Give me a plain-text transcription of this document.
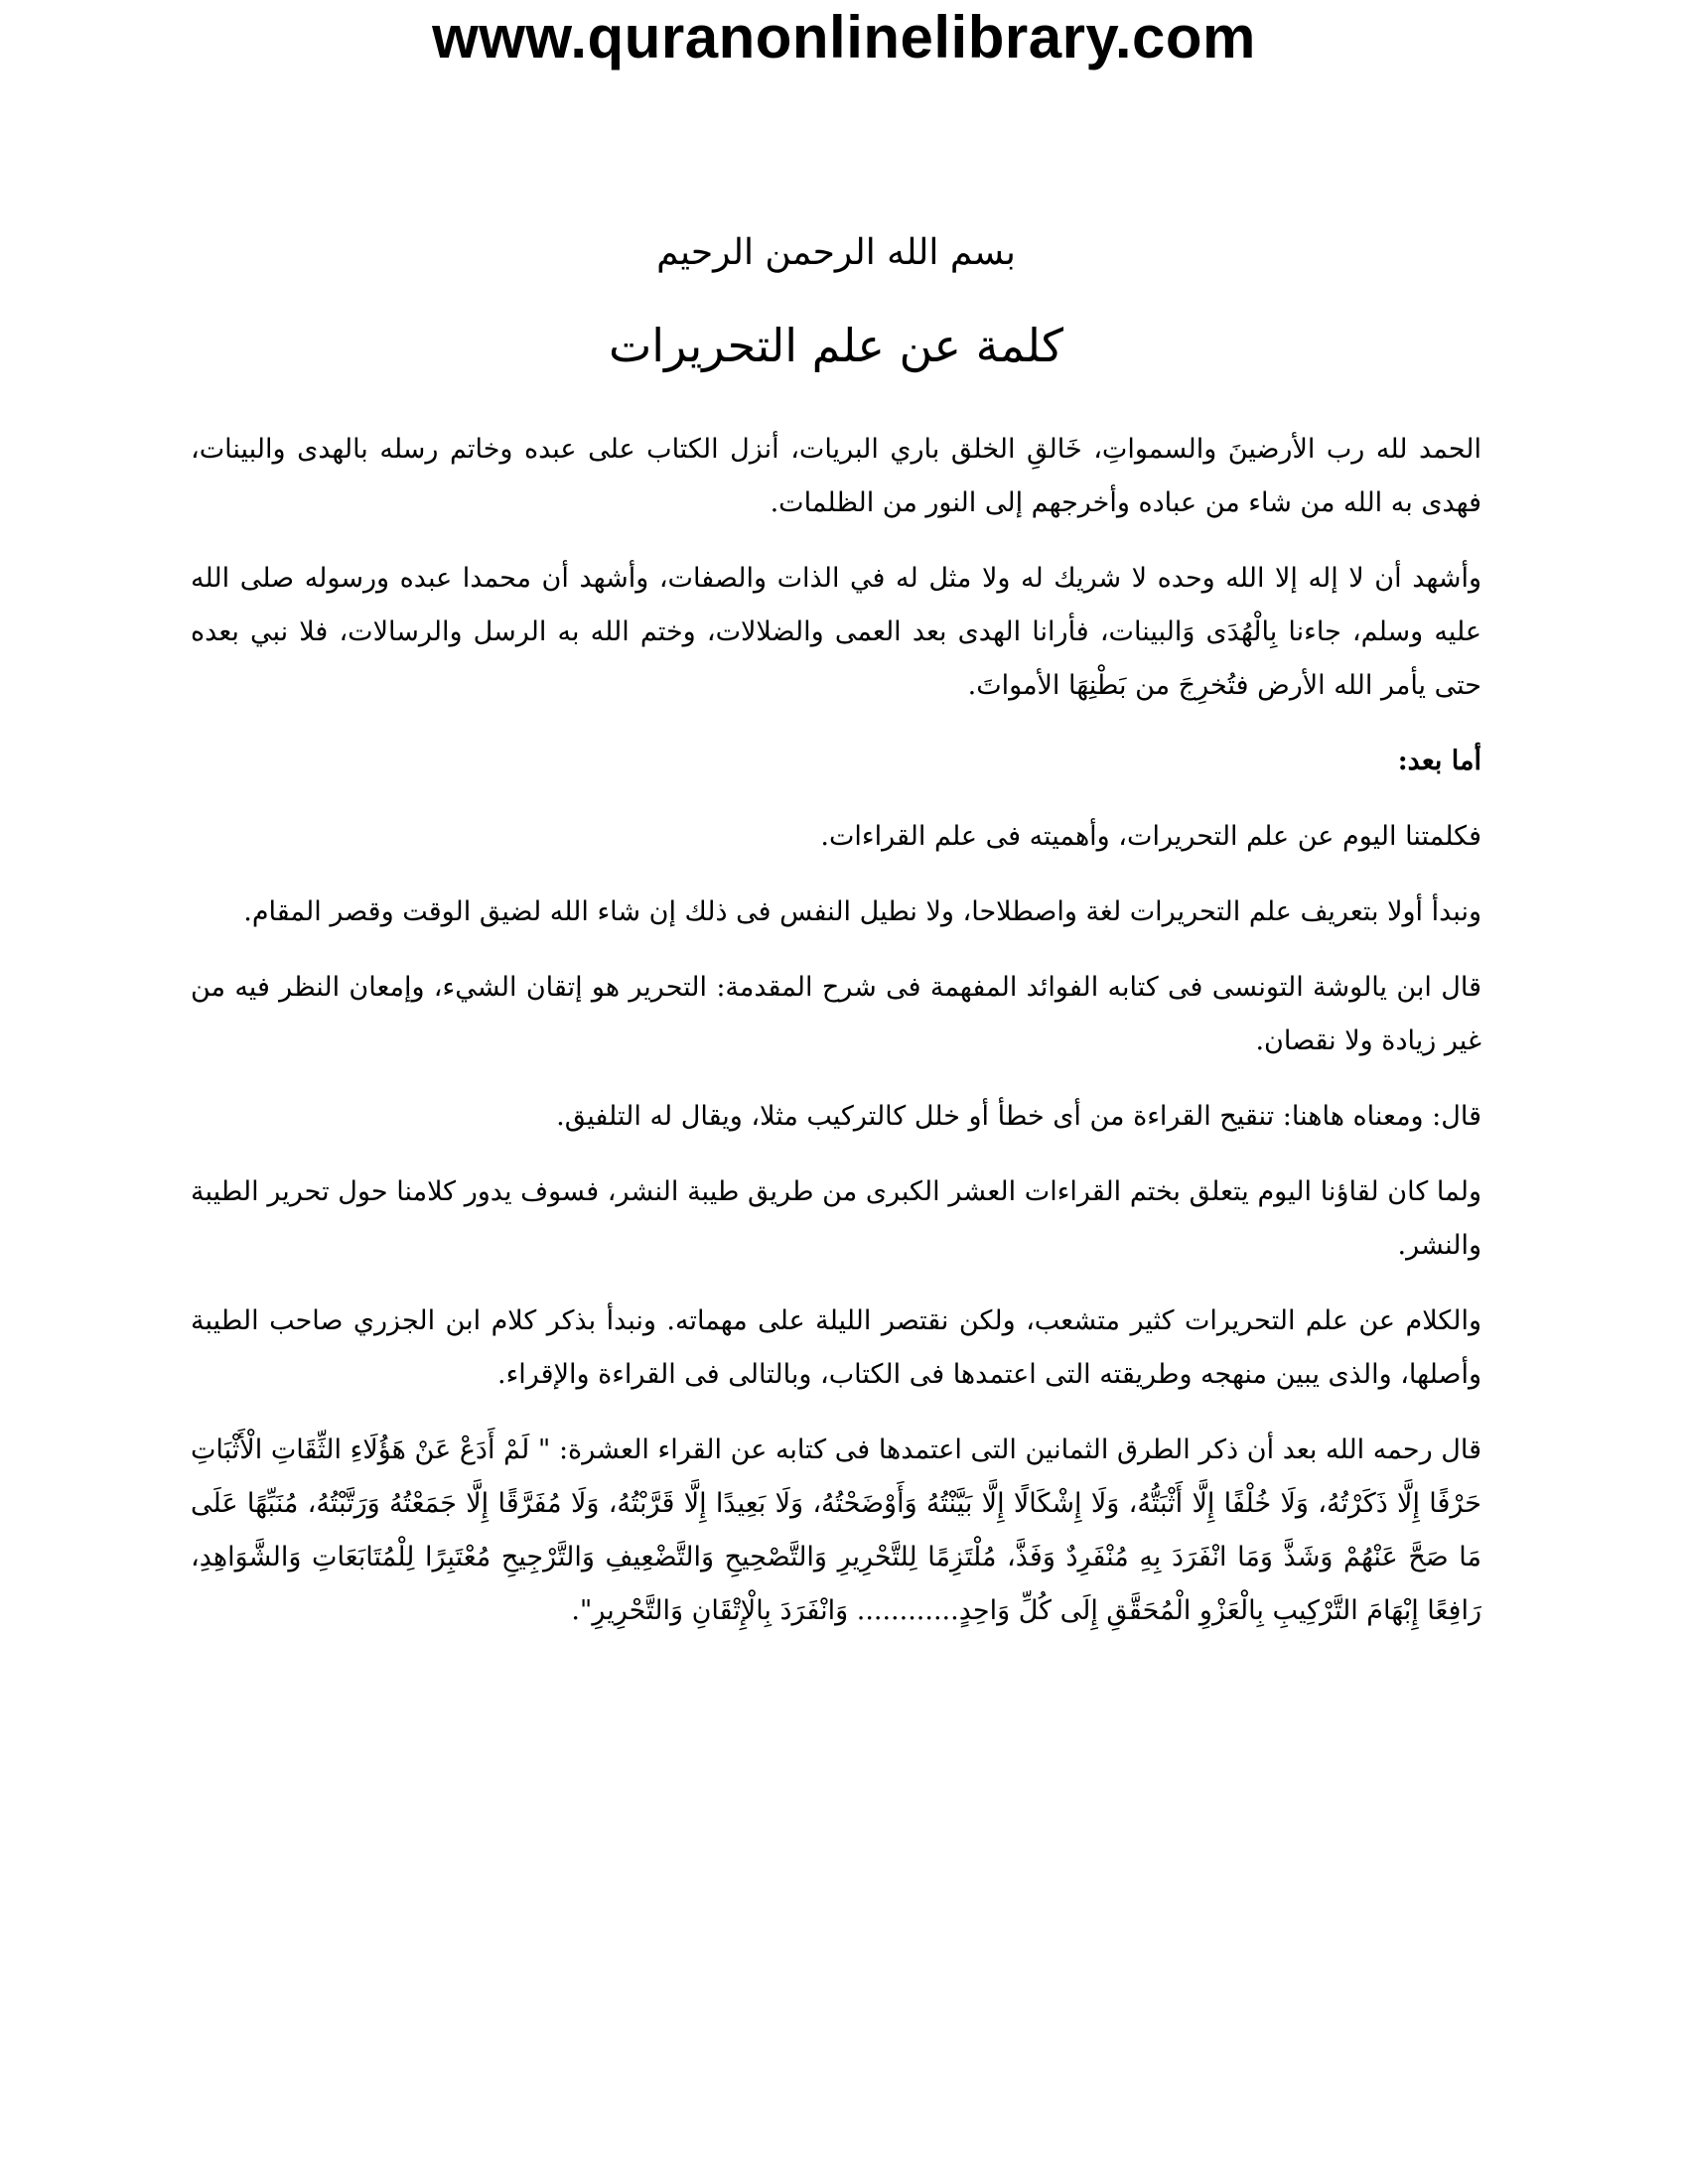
www.quranonlinelibrary.com
بسم الله الرحمن الرحيم
كلمة عن علم التحريرات

الحمد لله رب الأرضينَ والسمواتِ، خَالقِ الخلق باري البريات، أنزل الكتاب على عبده وخاتم رسله بالهدى والبينات، فهدى به الله من شاء من عباده وأخرجهم إلى النور من الظلمات.

وأشهد أن لا إله إلا الله وحده لا شريك له ولا مثل له في الذات والصفات، وأشهد أن محمدا عبده ورسوله صلى الله عليه وسلم، جاءنا بِالْهُدَى وَالبينات، فأرانا الهدى بعد العمى والضلالات، وختم الله به الرسل والرسالات، فلا نبي بعده حتى يأمر الله الأرض فتُخرِجَ من بَطْنِهَا الأمواتَ.

أما بعد:

فكلمتنا اليوم عن علم التحريرات، وأهميته فى علم القراءات.

ونبدأ أولا بتعريف علم التحريرات لغة واصطلاحا، ولا نطيل النفس فى ذلك إن شاء الله لضيق الوقت وقصر المقام.

قال ابن يالوشة التونسى فى كتابه الفوائد المفهمة فى شرح المقدمة: التحرير هو إتقان الشيء، وإمعان النظر فيه من غير زيادة ولا نقصان.

قال: ومعناه هاهنا: تنقيح القراءة من أى خطأ أو خلل كالتركيب مثلا، ويقال له التلفيق.

ولما كان لقاؤنا اليوم يتعلق بختم القراءات العشر الكبرى من طريق طيبة النشر، فسوف يدور كلامنا حول تحرير الطيبة والنشر.

والكلام عن علم التحريرات كثير متشعب، ولكن نقتصر الليلة على مهماته. ونبدأ بذكر كلام ابن الجزري صاحب الطيبة وأصلها، والذى يبين منهجه وطريقته التى اعتمدها فى الكتاب، وبالتالى فى القراءة والإقراء.

قال رحمه الله بعد أن ذكر الطرق الثمانين التى اعتمدها فى كتابه عن القراء العشرة: " لَمْ أَدَعْ عَنْ هَؤُلَاءِ الثِّقَاتِ الْأَثْبَاتِ حَرْفًا إِلَّا ذَكَرْتُهُ، وَلَا خُلْفًا إِلَّا أَثْبَتُّهُ، وَلَا إِشْكَالًا إِلَّا بَيَّنْتُهُ وَأَوْضَحْتُهُ، وَلَا بَعِيدًا إِلَّا قَرَّبْتُهُ، وَلَا مُفَرَّقًا إِلَّا جَمَعْتُهُ وَرَتَّبْتُهُ، مُنَبِّهًا عَلَى مَا صَحَّ عَنْهُمْ وَشَذَّ وَمَا انْفَرَدَ بِهِ مُنْفَرِدٌ وَفَذَّ، مُلْتَزِمًا لِلتَّحْرِيرِ وَالتَّصْحِيحِ وَالتَّضْعِيفِ وَالتَّرْجِيحِ مُعْتَبِرًا لِلْمُتَابَعَاتِ وَالشَّوَاهِدِ، رَافِعًا إِبْهَامَ التَّرْكِيبِ بِالْعَزْوِ الْمُحَقَّقِ إِلَى كُلِّ وَاحِدٍ............ وَانْفَرَدَ بِالْإِتْقَانِ وَالتَّحْرِيرِ".
